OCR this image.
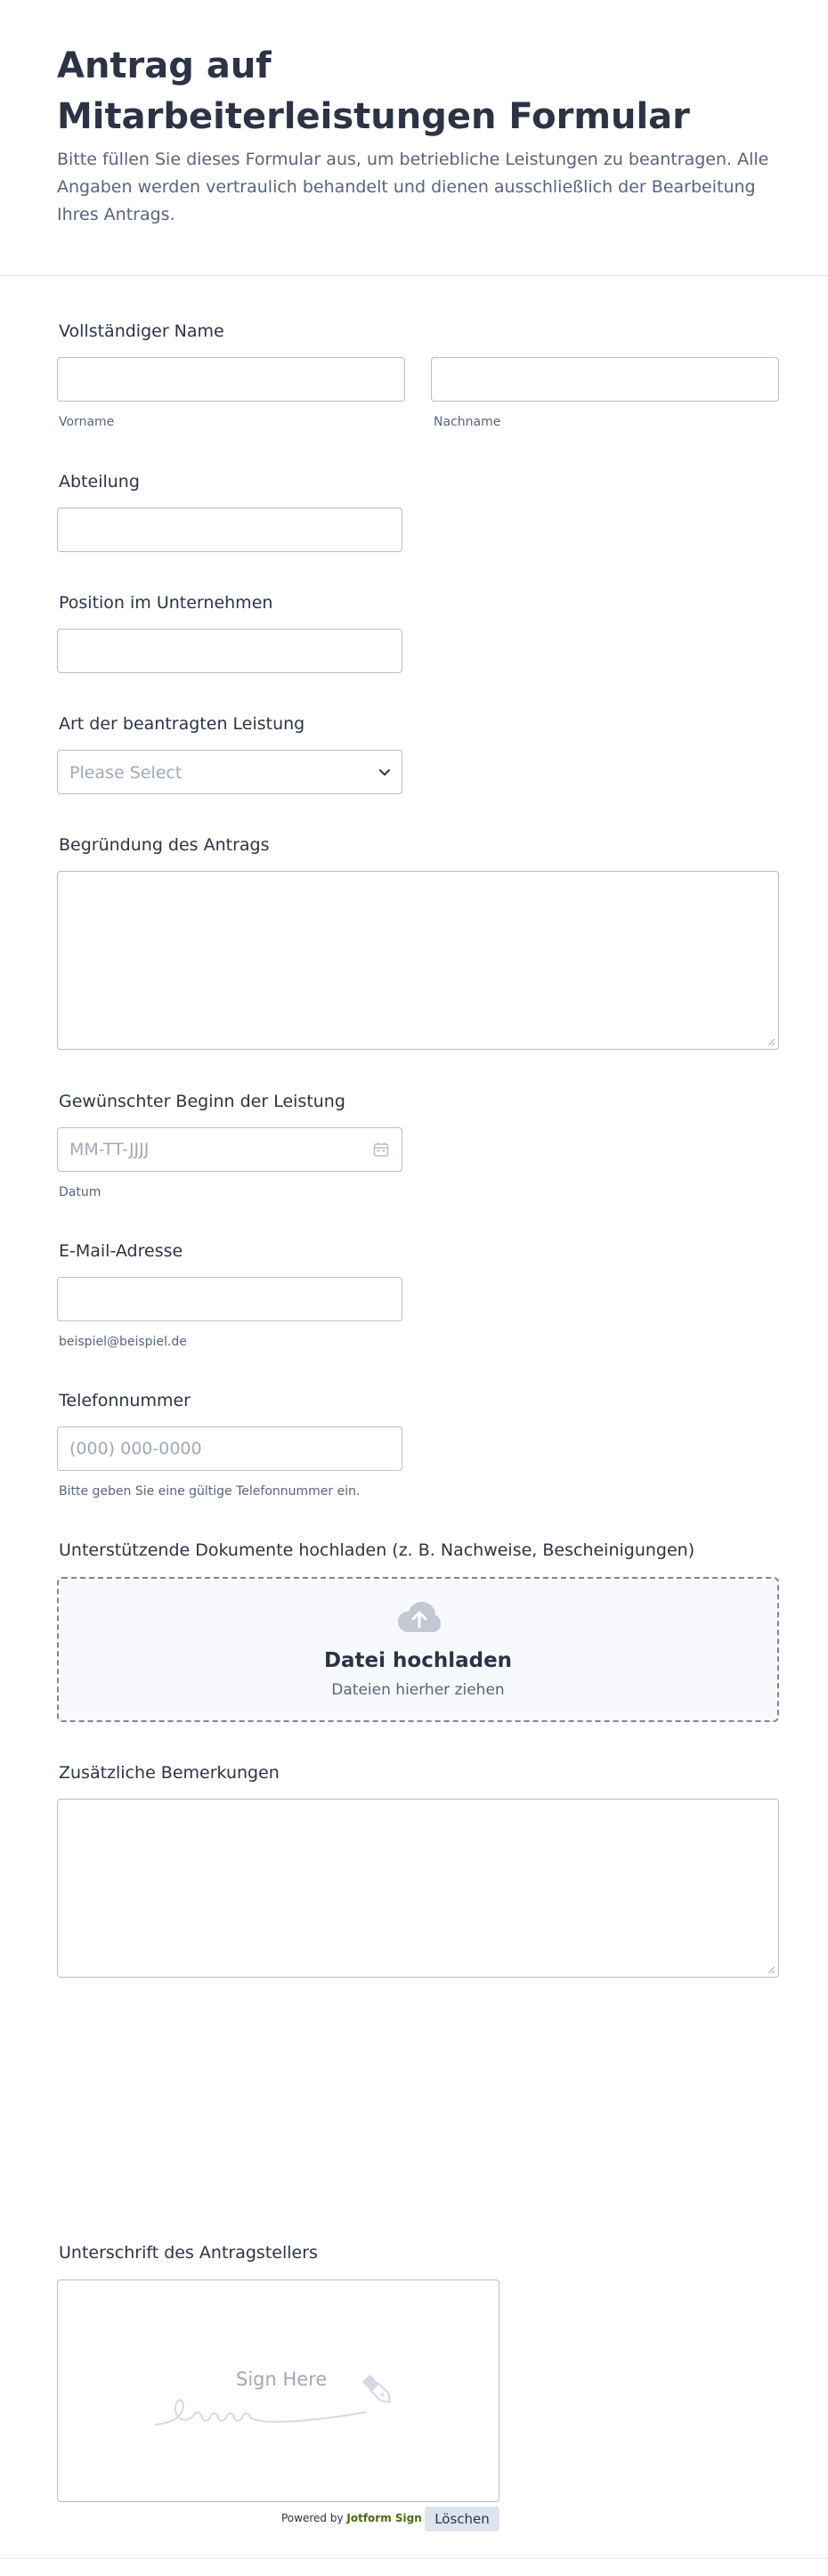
Antrag auf Mitarbeiterleistungen Formular

Bitte füllen Sie dieses Formular aus, um betriebliche Leistungen zu beantragen. Alle Angaben werden vertraulich behandelt und dienen ausschließlich der Bearbeitung Ihres Antrags.

Vollständiger Name
Vorname	Nachname
Abteilung
Position im Unternehmen
Art der beantragten Leistung
Please Select
Begründung des Antrags
Gewünschter Beginn der Leistung
MM-TT-JJJJ
Datum
E-Mail-Adresse
beispiel@beispiel.de
Telefonnummer
(000) 000-0000
Bitte geben Sie eine gültige Telefonnummer ein.
Unterstützende Dokumente hochladen (z. B. Nachweise, Bescheinigungen)
Datei hochladen
Dateien hierher ziehen
Zusätzliche Bemerkungen
Unterschrift des Antragstellers
Sign Here
Powered by Jotform Sign Löschen
